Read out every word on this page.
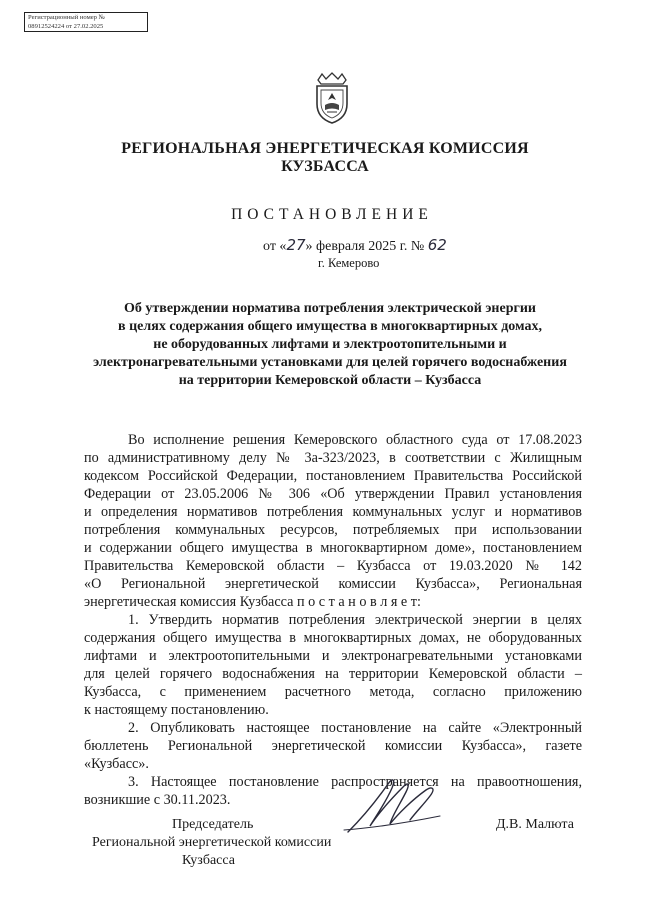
Регистрационный номер №
08912524224 от 27.02.2025
РЕГИОНАЛЬНАЯ ЭНЕРГЕТИЧЕСКАЯ КОМИССИЯ
КУЗБАССА
ПОСТАНОВЛЕНИЕ
от «27» февраля 2025 г. № 62
г. Кемерово
Об утверждении норматива потребления электрической энергии
в целях содержания общего имущества в многоквартирных домах,
не оборудованных лифтами и электроотопительными и
электронагревательными установками для целей горячего водоснабжения
на территории Кемеровской области – Кузбасса
Во исполнение решения Кемеровского областного суда от 17.08.2023
по административному делу № 3а-323/2023, в соответствии с Жилищным
кодексом Российской Федерации, постановлением Правительства Российской
Федерации от 23.05.2006 № 306 «Об утверждении Правил установления
и определения нормативов потребления коммунальных услуг и нормативов
потребления коммунальных ресурсов, потребляемых при использовании
и содержании общего имущества в многоквартирном доме», постановлением
Правительства Кемеровской области – Кузбасса от 19.03.2020 № 142
«О Региональной энергетической комиссии Кузбасса», Региональная
энергетическая комиссия Кузбасса п о с т а н о в л я е т:
1. Утвердить норматив потребления электрической энергии в целях
содержания общего имущества в многоквартирных домах, не оборудованных
лифтами и электроотопительными и электронагревательными установками
для целей горячего водоснабжения на территории Кемеровской области –
Кузбасса, с применением расчетного метода, согласно приложению
к настоящему постановлению.
2. Опубликовать настоящее постановление на сайте «Электронный
бюллетень Региональной энергетической комиссии Кузбасса», газете
«Кузбасс».
3. Настоящее постановление распространяется на правоотношения,
возникшие с 30.11.2023.
Председатель
Региональной энергетической комиссии
Кузбасса
Д.В. Малюта
